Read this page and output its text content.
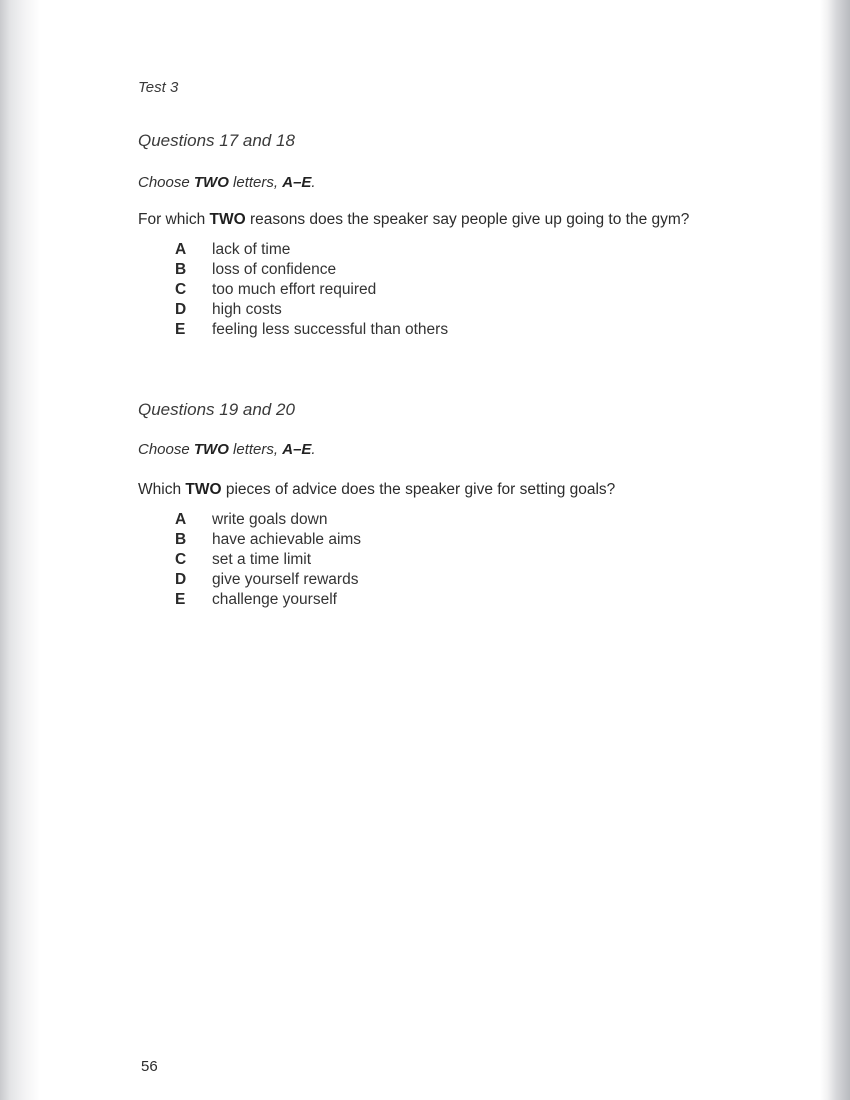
Test 3
Questions 17 and 18
Choose TWO letters, A–E.
For which TWO reasons does the speaker say people give up going to the gym?
A lack of time
B loss of confidence
C too much effort required
D high costs
E feeling less successful than others
Questions 19 and 20
Choose TWO letters, A–E.
Which TWO pieces of advice does the speaker give for setting goals?
A write goals down
B have achievable aims
C set a time limit
D give yourself rewards
E challenge yourself
56
